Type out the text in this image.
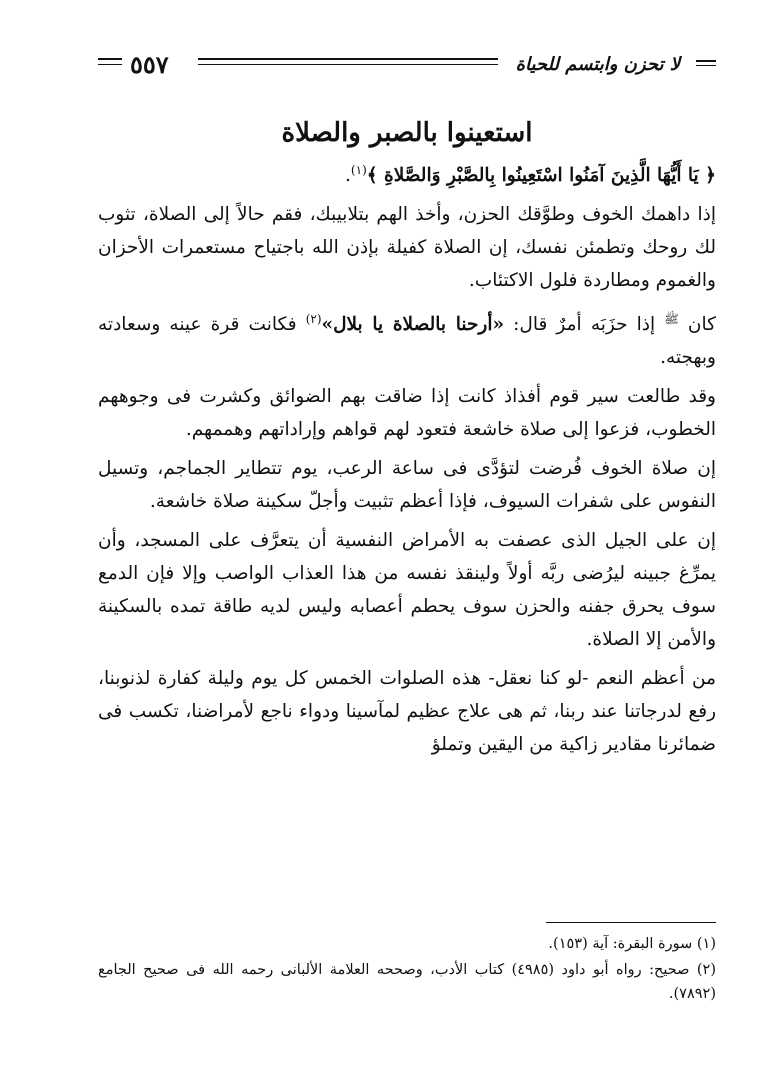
لا تحزن وابتسم للحياة
٥٥٧
استعينوا بالصبر والصلاة

﴿ يَا أَيُّهَا الَّذِينَ آمَنُوا اسْتَعِينُوا بِالصَّبْرِ وَالصَّلاةِ ﴾$^{(١)}$.

إذا داهمك الخوف وطوَّقك الحزن، وأخذ الهم بتلابيبك، فقم حالاً إلى الصلاة، تثوب لك روحك وتطمئن نفسك، إن الصلاة كفيلة بإذن الله باجتياح مستعمرات الأحزان والغموم ومطاردة فلول الاكتئاب.

كان $^ﷺ$ إذا حزَبَه أمرٌ قال: «أرحنا بالصلاة يا بلال»$^{(٢)}$ فكانت قرة عينه وسعادته وبهجته.

وقد طالعت سير قوم أفذاذ كانت إذا ضاقت بهم الضوائق وكشرت فى وجوههم الخطوب، فزعوا إلى صلاة خاشعة فتعود لهم قواهم وإراداتهم وهممهم.

إن صلاة الخوف فُرضت لتؤدَّى فى ساعة الرعب، يوم تتطاير الجماجم، وتسيل النفوس على شفرات السيوف، فإذا أعظم تثبيت وأجلّ سكينة صلاة خاشعة.

إن على الجيل الذى عصفت به الأمراض النفسية أن يتعرَّف على المسجد، وأن يمرِّغ جبينه ليرُضى ربَّه أولاً ولينقذ نفسه من هذا العذاب الواصب وإلا فإن الدمع سوف يحرق جفنه والحزن سوف يحطم أعصابه وليس لديه طاقة تمده بالسكينة والأمن إلا الصلاة.

من أعظم النعم -لو كنا نعقل- هذه الصلوات الخمس كل يوم وليلة كفارة لذنوبنا، رفع لدرجاتنا عند ربنا، ثم هى علاج عظيم لمآسينا ودواء ناجع لأمراضنا، تكسب فى ضمائرنا مقادير زاكية من اليقين وتملؤ

(١) سورة البقرة: آية (١٥٣).

(٢) صحيح: رواه أبو داود (٤٩٨٥) كتاب الأدب، وصححه العلامة الألبانى رحمه الله فى صحيح الجامع (٧٨٩٢).
